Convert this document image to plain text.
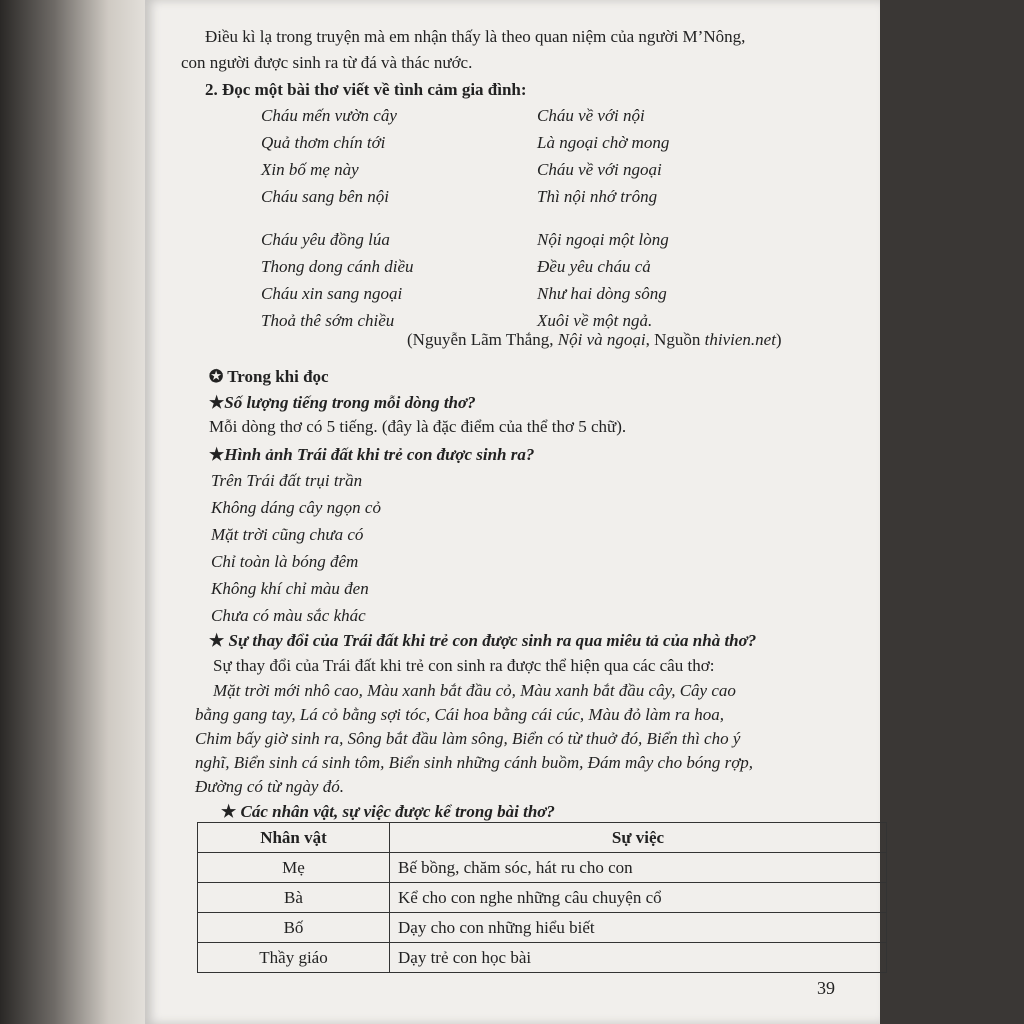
Điều kì lạ trong truyện mà em nhận thấy là theo quan niệm của người M’Nông,
con người được sinh ra từ đá và thác nước.
2. Đọc một bài thơ viết về tình cảm gia đình:
Cháu mến vườn cây
Quả thơm chín tới
Xin bố mẹ này
Cháu sang bên nội
Cháu về với nội
Là ngoại chờ mong
Cháu về với ngoại
Thì nội nhớ trông
Cháu yêu đồng lúa
Thong dong cánh diều
Cháu xin sang ngoại
Thoả thê sớm chiều
Nội ngoại một lòng
Đều yêu cháu cả
Như hai dòng sông
Xuôi về một ngả.
(Nguyễn Lãm Thắng, Nội và ngoại, Nguồn thivien.net)
✪ Trong khi đọc
★Số lượng tiếng trong mỗi dòng thơ?
Mỗi dòng thơ có 5 tiếng. (đây là đặc điểm của thể thơ 5 chữ).
★Hình ảnh Trái đất khi trẻ con được sinh ra?
Trên Trái đất trụi trần
Không dáng cây ngọn cỏ
Mặt trời cũng chưa có
Chỉ toàn là bóng đêm
Không khí chỉ màu đen
Chưa có màu sắc khác
★ Sự thay đổi của Trái đất khi trẻ con được sinh ra qua miêu tả của nhà thơ?
Sự thay đổi của Trái đất khi trẻ con sinh ra được thể hiện qua các câu thơ:
Mặt trời mới nhô cao, Màu xanh bắt đầu cỏ, Màu xanh bắt đầu cây, Cây cao
bằng gang tay, Lá cỏ bằng sợi tóc, Cái hoa bằng cái cúc, Màu đỏ làm ra hoa,
Chim bấy giờ sinh ra, Sông bắt đầu làm sông, Biển có từ thuở đó, Biển thì cho ý
nghĩ, Biển sinh cá sinh tôm, Biển sinh những cánh buồm, Đám mây cho bóng rợp,
Đường có từ ngày đó.
★ Các nhân vật, sự việc được kể trong bài thơ?
Nhân vật	Sự việc
Mẹ	Bế bồng, chăm sóc, hát ru cho con
Bà	Kể cho con nghe những câu chuyện cổ
Bố	Dạy cho con những hiểu biết
Thầy giáo	Dạy trẻ con học bài
39
